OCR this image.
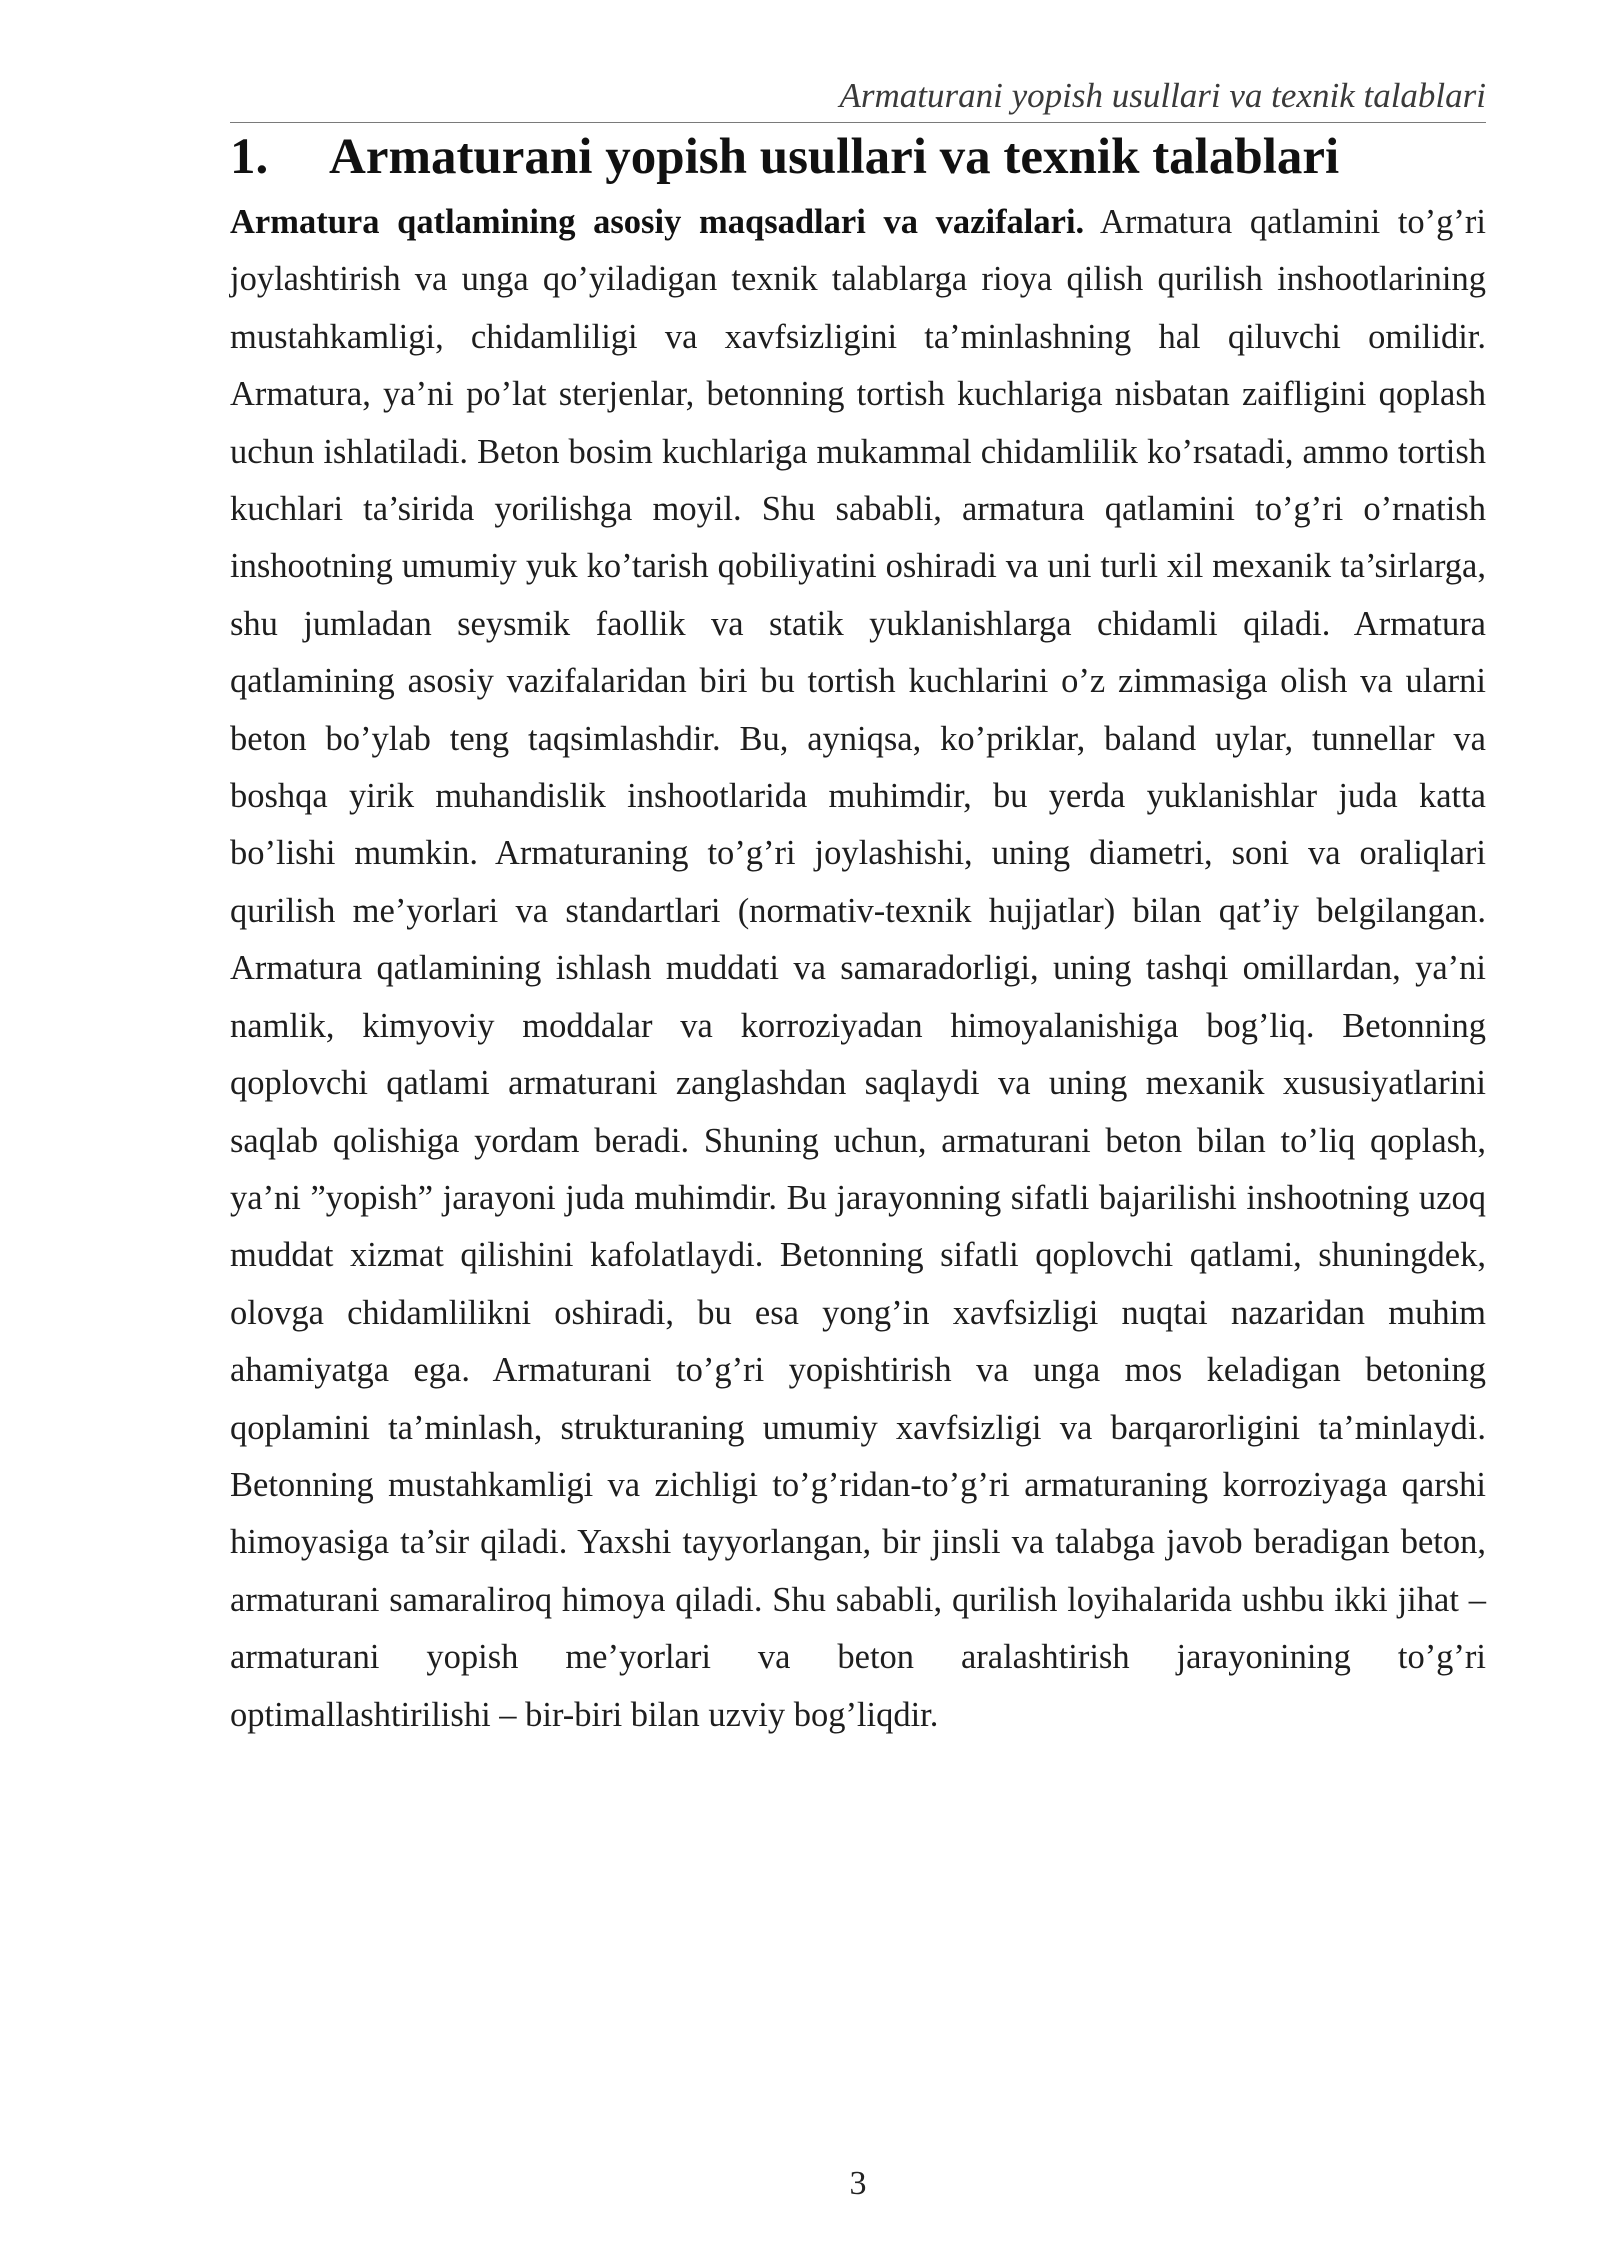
Armaturani yopish usullari va texnik talablari
1. Armaturani yopish usullari va texnik talablari

Armatura qatlamining asosiy maqsadlari va vazifalari. Armatura qatlamini to’g’ri joylashtirish va unga qo’yiladigan texnik talablarga rioya qilish qurilish inshootlarining mustahkamligi, chidamliligi va xavfsizligini ta’minlashning hal qiluvchi omilidir. Armatura, ya’ni po’lat sterjenlar, betonning tortish kuchlariga nisbatan zaifligini qoplash uchun ishlatiladi. Beton bosim kuchlariga mukammal chidamlilik ko’rsatadi, ammo tortish kuchlari ta’sirida yorilishga moyil. Shu sababli, armatura qatlamini to’g’ri o’rnatish inshootning umumiy yuk ko’tarish qobiliyatini oshiradi va uni turli xil mexanik ta’sirlarga, shu jumladan seysmik faollik va statik yuklanishlarga chidamli qiladi. Armatura qatlamining asosiy vazifalaridan biri bu tortish kuchlarini o’z zimmasiga olish va ularni beton bo’ylab teng taqsimlashdir. Bu, ayniqsa, ko’priklar, baland uylar, tunnellar va boshqa yirik muhandislik inshootlarida muhimdir, bu yerda yuklanishlar juda katta bo’lishi mumkin. Armaturaning to’g’ri joylashishi, uning diametri, soni va oraliqlari qurilish me’yorlari va standartlari (normativ-texnik hujjatlar) bilan qat’iy belgilangan. Armatura qatlamining ishlash muddati va samaradorligi, uning tashqi omillardan, ya’ni namlik, kimyoviy moddalar va korroziyadan himoyalanishiga bog’liq. Betonning qoplovchi qatlami armaturani zanglashdan saqlaydi va uning mexanik xususiyatlarini saqlab qolishiga yordam beradi. Shuning uchun, armaturani beton bilan to’liq qoplash, ya’ni ”yopish” jarayoni juda muhimdir. Bu jarayonning sifatli bajarilishi inshootning uzoq muddat xizmat qilishini kafolatlaydi. Betonning sifatli qoplovchi qatlami, shuningdek, olovga chidamlilikni oshiradi, bu esa yong’in xavfsizligi nuqtai nazaridan muhim ahamiyatga ega. Armaturani to’g’ri yopishtirish va unga mos keladigan betoning qoplamini ta’minlash, strukturaning umumiy xavfsizligi va barqarorligini ta’minlaydi. Betonning mustahkamligi va zichligi to’g’ridan-to’g’ri armaturaning korroziyaga qarshi himoyasiga ta’sir qiladi. Yaxshi tayyorlangan, bir jinsli va talabga javob beradigan beton, armaturani samaraliroq himoya qiladi. Shu sababli, qurilish loyihalarida ushbu ikki jihat – armaturani yopish me’yorlari va beton aralashtirish jarayonining to’g’ri optimallashtirilishi – bir-biri bilan uzviy bog’liqdir.

3
